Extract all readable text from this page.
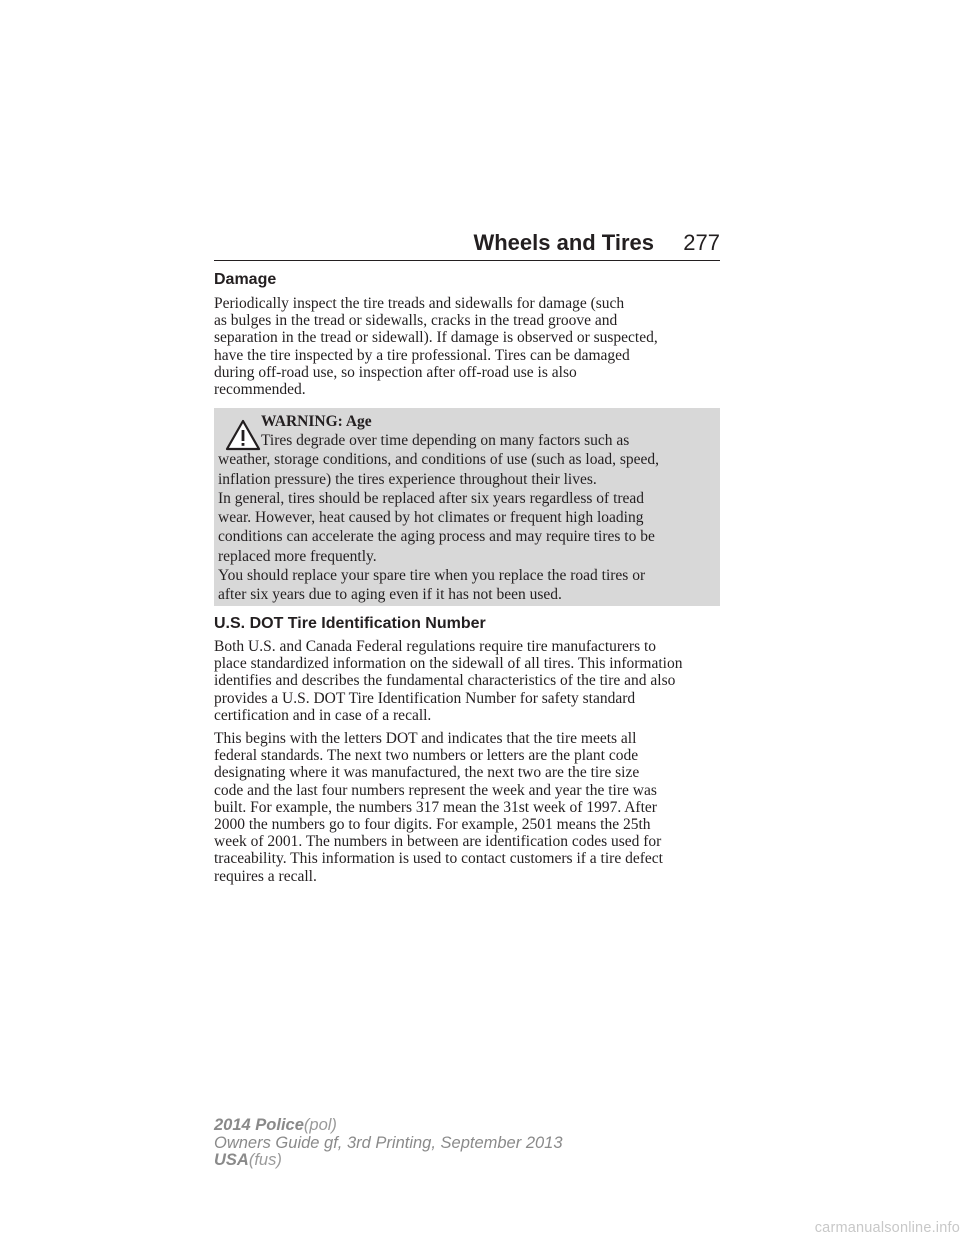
Wheels and Tires 277
Damage

Periodically inspect the tire treads and sidewalls for damage (such
as bulges in the tread or sidewalls, cracks in the tread groove and
separation in the tread or sidewall). If damage is observed or suspected,
have the tire inspected by a tire professional. Tires can be damaged
during off-road use, so inspection after off-road use is also
recommended.

WARNING: Age
Tires degrade over time depending on many factors such as
weather, storage conditions, and conditions of use (such as load, speed,
inflation pressure) the tires experience throughout their lives.
In general, tires should be replaced after six years regardless of tread
wear. However, heat caused by hot climates or frequent high loading
conditions can accelerate the aging process and may require tires to be
replaced more frequently.
You should replace your spare tire when you replace the road tires or
after six years due to aging even if it has not been used.
U.S. DOT Tire Identification Number

Both U.S. and Canada Federal regulations require tire manufacturers to
place standardized information on the sidewall of all tires. This information
identifies and describes the fundamental characteristics of the tire and also
provides a U.S. DOT Tire Identification Number for safety standard
certification and in case of a recall.

This begins with the letters DOT and indicates that the tire meets all
federal standards. The next two numbers or letters are the plant code
designating where it was manufactured, the next two are the tire size
code and the last four numbers represent the week and year the tire was
built. For example, the numbers 317 mean the 31st week of 1997. After
2000 the numbers go to four digits. For example, 2501 means the 25th
week of 2001. The numbers in between are identification codes used for
traceability. This information is used to contact customers if a tire defect
requires a recall.

2014 Police(pol)
Owners Guide gf, 3rd Printing, September 2013
USA(fus)
carmanualsonline.info
